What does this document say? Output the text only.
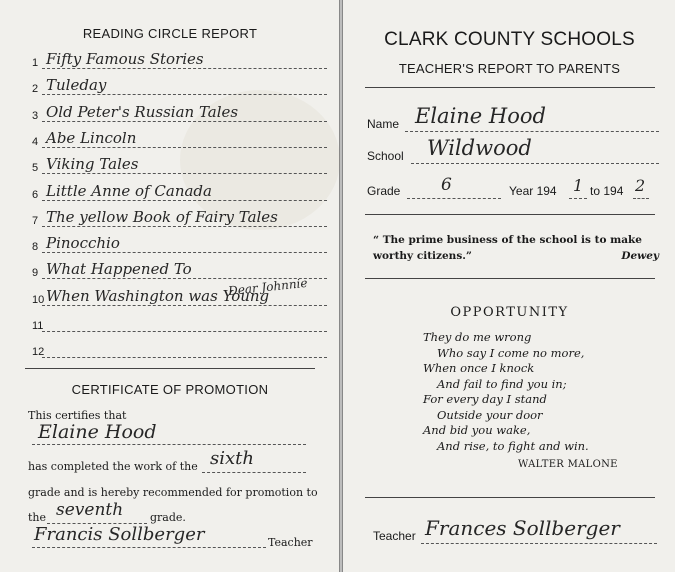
READING CIRCLE REPORT
1 Fifty Famous Stories
2 Tuleday
3 Old Peter's Russian Tales
4 Abe Lincoln
5 Viking Tales
6 Little Anne of Canada
7 The yellow Book of Fairy Tales
8 Pinocchio
9 What Happened To
10 When Washington was Young
11
12
Dear Johnnie
CERTIFICATE OF PROMOTION
This certifies that
Elaine Hood
has completed the work of the sixth
grade and is hereby recommended for promotion to
the seventh grade.
Francis Sollberger	Teacher
CLARK COUNTY SCHOOLS
TEACHER'S REPORT TO PARENTS
Name Elaine Hood
School Wildwood
Grade 6	Year 194 1 to 194 2
“ The prime business of the school is to make worthy citizens.”	Dewey
OPPORTUNITY
They do me wrong
Who say I come no more,
When once I knock
And fail to find you in;
For every day I stand
Outside your door
And bid you wake,
And rise, to fight and win.
WALTER MALONE
Teacher Frances Sollberger
